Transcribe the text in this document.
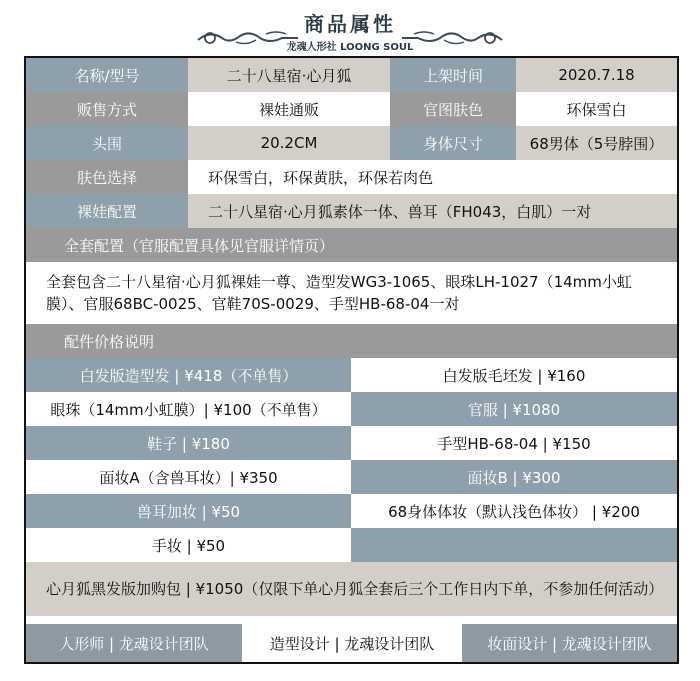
商品属性
龙魂人形社 LOONG SOUL
名称/型号	二十八星宿·心月狐	上架时间	2020.7.18
贩售方式	裸娃通贩	官图肤色	环保雪白
头围	20.2CM	身体尺寸	68男体（5号脖围）
肤色选择	环保雪白，环保黄肤，环保若肉色
裸娃配置	二十八星宿·心月狐素体一体、兽耳（FH043，白肌）一对
全套配置（官服配置具体见官服详情页）
全套包含二十八星宿·心月狐裸娃一尊、造型发WG3-1065、眼珠LH-1027（14mm小虹膜）、官服68BC-0025、官鞋70S-0029、手型HB-68-04一对
配件价格说明
白发版造型发 | ¥418（不单售）	白发版毛坯发 | ¥160
眼珠（14mm小虹膜）| ¥100（不单售）	官服 | ¥1080
鞋子 | ¥180	手型HB-68-04 | ¥150
面妆A（含兽耳妆）| ¥350	面妆B | ¥300
兽耳加妆 | ¥50	68身体体妆（默认浅色体妆） | ¥200
手妆 | ¥50
心月狐黑发版加购包 | ¥1050（仅限下单心月狐全套后三个工作日内下单，不参加任何活动）
人形师 | 龙魂设计团队	造型设计 | 龙魂设计团队	妆面设计 | 龙魂设计团队
